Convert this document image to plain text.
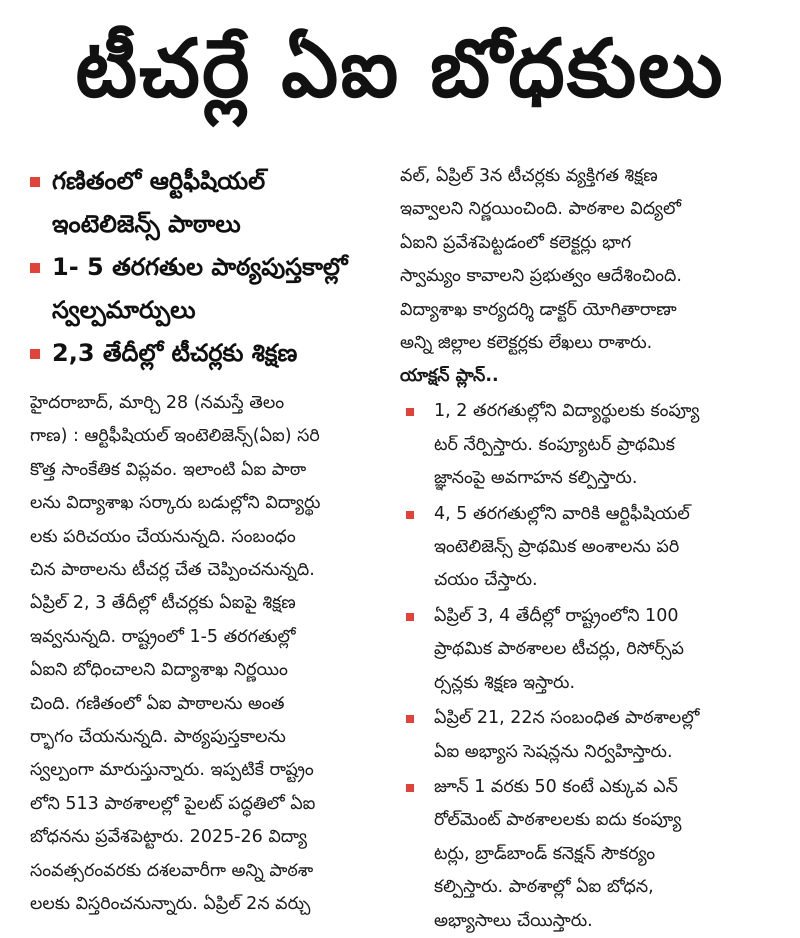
టీచర్లే ఏఐ బోధకులు
గణితంలో ఆర్టిఫీషియల్
ఇంటెలిజెన్స్ పాఠాలు
1- 5 తరగతుల పాఠ్యపుస్తకాల్లో
స్వల్పమార్పులు
2,3 తేదీల్లో టీచర్లకు శిక్షణ
హైదరాబాద్, మార్చి 28 (నమస్తే తెలం
గాణ) : ఆర్టిఫీషియల్ ఇంటెలిజెన్స్(ఏఐ) సరి
కొత్త సాంకేతిక విప్లవం. ఇలాంటి ఏఐ పాఠా
లను విద్యాశాఖ సర్కారు బడుల్లోని విద్యార్థు
లకు పరిచయం చేయనున్నది. సంబంధం
చిన పాఠాలను టీచర్ల చేత చెప్పించనున్నది.
ఏప్రిల్ 2, 3 తేదీల్లో టీచర్లకు ఏఐపై శిక్షణ
ఇవ్వనున్నది. రాష్ట్రంలో 1-5 తరగతుల్లో
ఏఐని బోధించాలని విద్యాశాఖ నిర్ణయిం
చింది. గణితంలో ఏఐ పాఠాలను అంత
ర్భాగం చేయనున్నది. పాఠ్యపుస్తకాలను
స్వల్పంగా మారుస్తున్నారు. ఇప్పటికే రాష్ట్రం
లోని 513 పాఠశాలల్లో పైలట్ పద్ధతిలో ఏఐ
బోధనను ప్రవేశపెట్టారు. 2025-26 విద్యా
సంవత్సరంవరకు దశలవారీగా అన్ని పాఠశా
లలకు విస్తరించనున్నారు. ఏప్రిల్ 2న వర్చు
వల్, ఏప్రిల్ 3న టీచర్లకు వ్యక్తిగత శిక్షణ
ఇవ్వాలని నిర్ణయించింది. పాఠశాల విద్యలో
ఏఐని ప్రవేశపెట్టడంలో కలెక్టర్లు భాగ
స్వామ్యం కావాలని ప్రభుత్వం ఆదేశించింది.
విద్యాశాఖ కార్యదర్శి డాక్టర్ యోగితారాణా
అన్ని జిల్లాల కలెక్టర్లకు లేఖలు రాశారు.
యాక్షన్ ప్లాన్..
1, 2 తరగతుల్లోని విద్యార్థులకు కంప్యూ
టర్ నేర్పిస్తారు. కంప్యూటర్ ప్రాథమిక
జ్ఞానంపై అవగాహన కల్పిస్తారు.
4, 5 తరగతుల్లోని వారికి ఆర్టిఫీషియల్
ఇంటెలిజెన్స్ ప్రాథమిక అంశాలను పరి
చయం చేస్తారు.
ఏప్రిల్ 3, 4 తేదీల్లో రాష్ట్రంలోని 100
ప్రాథమిక పాఠశాలల టీచర్లు, రిసోర్స్‌ప
ర్సన్లకు శిక్షణ ఇస్తారు.
ఏప్రిల్ 21, 22న సంబంధిత పాఠశాలల్లో
ఏఐ అభ్యాస సెషన్లను నిర్వహిస్తారు.
జూన్ 1 వరకు 50 కంటే ఎక్కువ ఎన్
రోల్‌మెంట్ పాఠశాలలకు ఐదు కంప్యూ
టర్లు, బ్రాడ్‌బాండ్ కనెక్షన్ సౌకర్యం
కల్పిస్తారు. పాఠశాల్లో ఏఐ బోధన,
అభ్యాసాలు చేయిస్తారు.
